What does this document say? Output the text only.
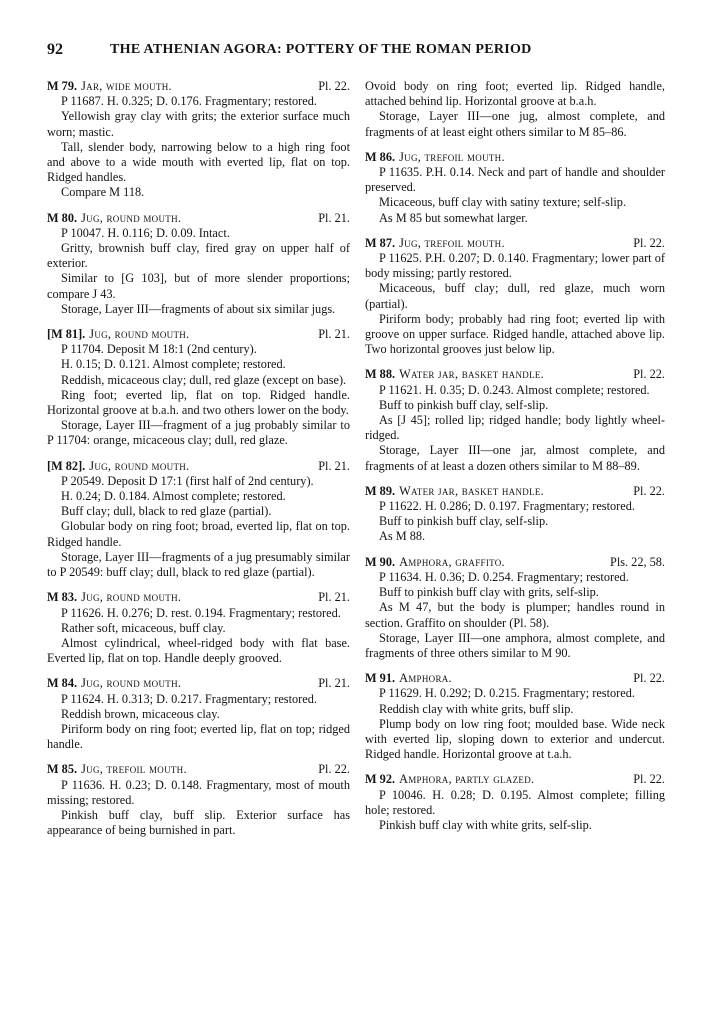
92	THE ATHENIAN AGORA: POTTERY OF THE ROMAN PERIOD
M 79. Jar, wide mouth.	Pl. 22.

P 11687. H. 0.325; D. 0.176. Fragmentary; restored.

Yellowish gray clay with grits; the exterior surface much worn; mastic.

Tall, slender body, narrowing below to a high ring foot and above to a wide mouth with everted lip, flat on top. Ridged handles.

Compare M 118.

M 80. Jug, round mouth.	Pl. 21.

P 10047. H. 0.116; D. 0.09. Intact.

Gritty, brownish buff clay, fired gray on upper half of exterior.

Similar to [G 103], but of more slender proportions; compare J 43.

Storage, Layer III—fragments of about six similar jugs.

[M 81]. Jug, round mouth.	Pl. 21.

P 11704. Deposit M 18:1 (2nd century).

H. 0.15; D. 0.121. Almost complete; restored.

Reddish, micaceous clay; dull, red glaze (except on base).

Ring foot; everted lip, flat on top. Ridged handle. Horizontal groove at b.a.h. and two others lower on the body.

Storage, Layer III—fragment of a jug probably similar to P 11704: orange, micaceous clay; dull, red glaze.

[M 82]. Jug, round mouth.	Pl. 21.

P 20549. Deposit D 17:1 (first half of 2nd century).

H. 0.24; D. 0.184. Almost complete; restored.

Buff clay; dull, black to red glaze (partial).

Globular body on ring foot; broad, everted lip, flat on top. Ridged handle.

Storage, Layer III—fragments of a jug presumably similar to P 20549: buff clay; dull, black to red glaze (partial).

M 83. Jug, round mouth.	Pl. 21.

P 11626. H. 0.276; D. rest. 0.194. Fragmentary; restored.

Rather soft, micaceous, buff clay.

Almost cylindrical, wheel-ridged body with flat base. Everted lip, flat on top. Handle deeply grooved.

M 84. Jug, round mouth.	Pl. 21.

P 11624. H. 0.313; D. 0.217. Fragmentary; restored.

Reddish brown, micaceous clay.

Piriform body on ring foot; everted lip, flat on top; ridged handle.

M 85. Jug, trefoil mouth.	Pl. 22.

P 11636. H. 0.23; D. 0.148. Fragmentary, most of mouth missing; restored.

Pinkish buff clay, buff slip. Exterior surface has appearance of being burnished in part.

Ovoid body on ring foot; everted lip. Ridged handle, attached behind lip. Horizontal groove at b.a.h.

Storage, Layer III—one jug, almost complete, and fragments of at least eight others similar to M 85–86.

M 86. Jug, trefoil mouth.

P 11635. P.H. 0.14. Neck and part of handle and shoulder preserved.

Micaceous, buff clay with satiny texture; self-slip.

As M 85 but somewhat larger.

M 87. Jug, trefoil mouth.	Pl. 22.

P 11625. P.H. 0.207; D. 0.140. Fragmentary; lower part of body missing; partly restored.

Micaceous, buff clay; dull, red glaze, much worn (partial).

Piriform body; probably had ring foot; everted lip with groove on upper surface. Ridged handle, attached above lip. Two horizontal grooves just below lip.

M 88. Water jar, basket handle.	Pl. 22.

P 11621. H. 0.35; D. 0.243. Almost complete; restored.

Buff to pinkish buff clay, self-slip.

As [J 45]; rolled lip; ridged handle; body lightly wheel-ridged.

Storage, Layer III—one jar, almost complete, and fragments of at least a dozen others similar to M 88–89.

M 89. Water jar, basket handle.	Pl. 22.

P 11622. H. 0.286; D. 0.197. Fragmentary; restored.

Buff to pinkish buff clay, self-slip.

As M 88.

M 90. Amphora, graffito.	Pls. 22, 58.

P 11634. H. 0.36; D. 0.254. Fragmentary; restored.

Buff to pinkish buff clay with grits, self-slip.

As M 47, but the body is plumper; handles round in section. Graffito on shoulder (Pl. 58).

Storage, Layer III—one amphora, almost complete, and fragments of three others similar to M 90.

M 91. Amphora.	Pl. 22.

P 11629. H. 0.292; D. 0.215. Fragmentary; restored.

Reddish clay with white grits, buff slip.

Plump body on low ring foot; moulded base. Wide neck with everted lip, sloping down to exterior and undercut. Ridged handle. Horizontal groove at t.a.h.

M 92. Amphora, partly glazed.	Pl. 22.

P 10046. H. 0.28; D. 0.195. Almost complete; filling hole; restored.

Pinkish buff clay with white grits, self-slip.
